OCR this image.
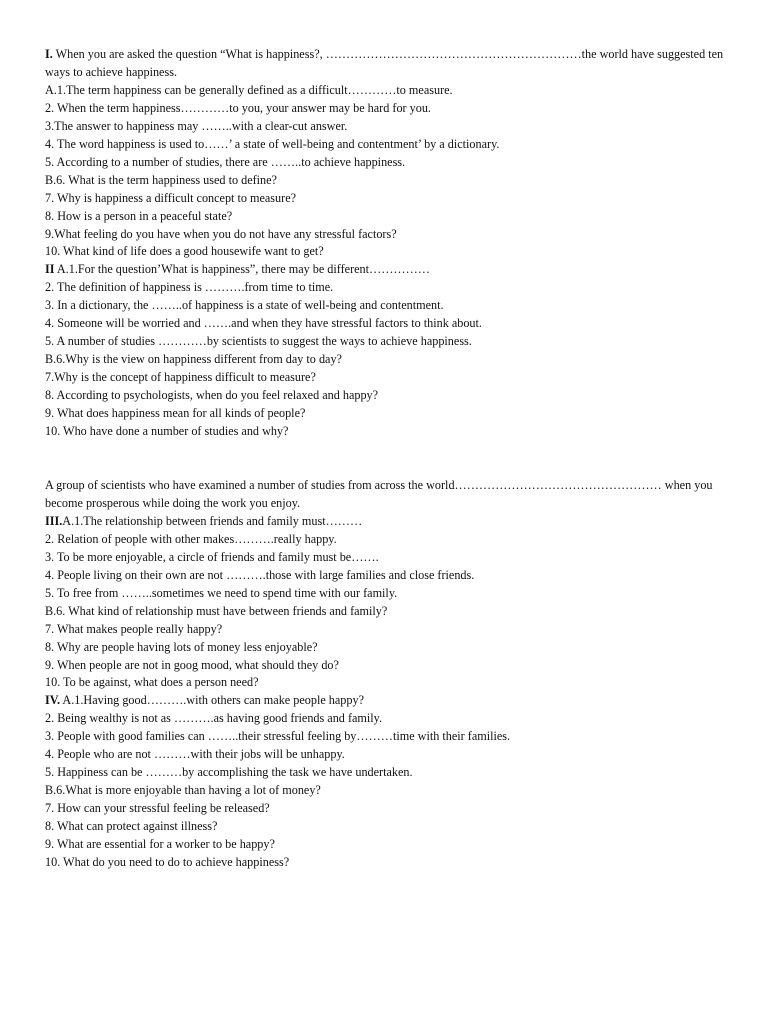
I. When you are asked the question “What is happiness?, ………………………………………………………the world have suggested ten ways to achieve happiness.
A.1.The term happiness can be generally defined as a difficult…………to measure.
2. When the term happiness…………to you, your answer may be hard for you.
3.The answer to happiness may ……..with a clear-cut answer.
4. The word happiness is used to……’ a state of well-being and contentment’ by a dictionary.
5. According to a number of studies, there are ……..to achieve happiness.
B.6. What is the term happiness used to define?
7. Why is happiness a difficult concept to measure?
8. How is a person in a peaceful state?
9.What feeling do you have when you do not have any stressful factors?
10. What kind of life does a good housewife want to get?
II A.1.For the question’What is happiness”, there may be different……………
2. The definition of happiness is ……….from time to time.
3. In a dictionary, the ……..of happiness is a state of well-being and contentment.
4. Someone will be worried and …….and when they have stressful factors to think about.
5. A number of studies …………by scientists to suggest the ways to achieve happiness.
B.6.Why is the view on happiness different from day to day?
7.Why is the concept of happiness difficult to measure?
8. According to psychologists, when do you feel relaxed and happy?
9. What does happiness mean for all kinds of people?
10. Who have done a number of studies and why?
A group of scientists who have examined a number of studies from across the world…………………………………………… when you become prosperous while doing the work you enjoy.
III.A.1.The relationship between friends and family must………
2. Relation of people with other makes……….really happy.
3. To be more enjoyable, a circle of friends and family must be…….
4. People living on their own are not ……….those with large families and close friends.
5. To free from ……..sometimes we need to spend time with our family.
B.6. What kind of relationship must have between friends and family?
7. What makes people really happy?
8. Why are people having lots of money less enjoyable?
9. When people are not in goog mood, what should they do?
10. To be against, what does a person need?
IV. A.1.Having good……….with others can make people happy?
2. Being wealthy is not as ……….as having good friends and family.
3. People with good families can ……..their stressful feeling by………time with their families.
4. People who are not ………with their jobs will be unhappy.
5. Happiness can be ………by accomplishing the task we have undertaken.
B.6.What is more enjoyable than having a lot of money?
7. How can your stressful feeling be released?
8. What can protect against illness?
9. What are essential for a worker to be happy?
10. What do you need to do to achieve happiness?
